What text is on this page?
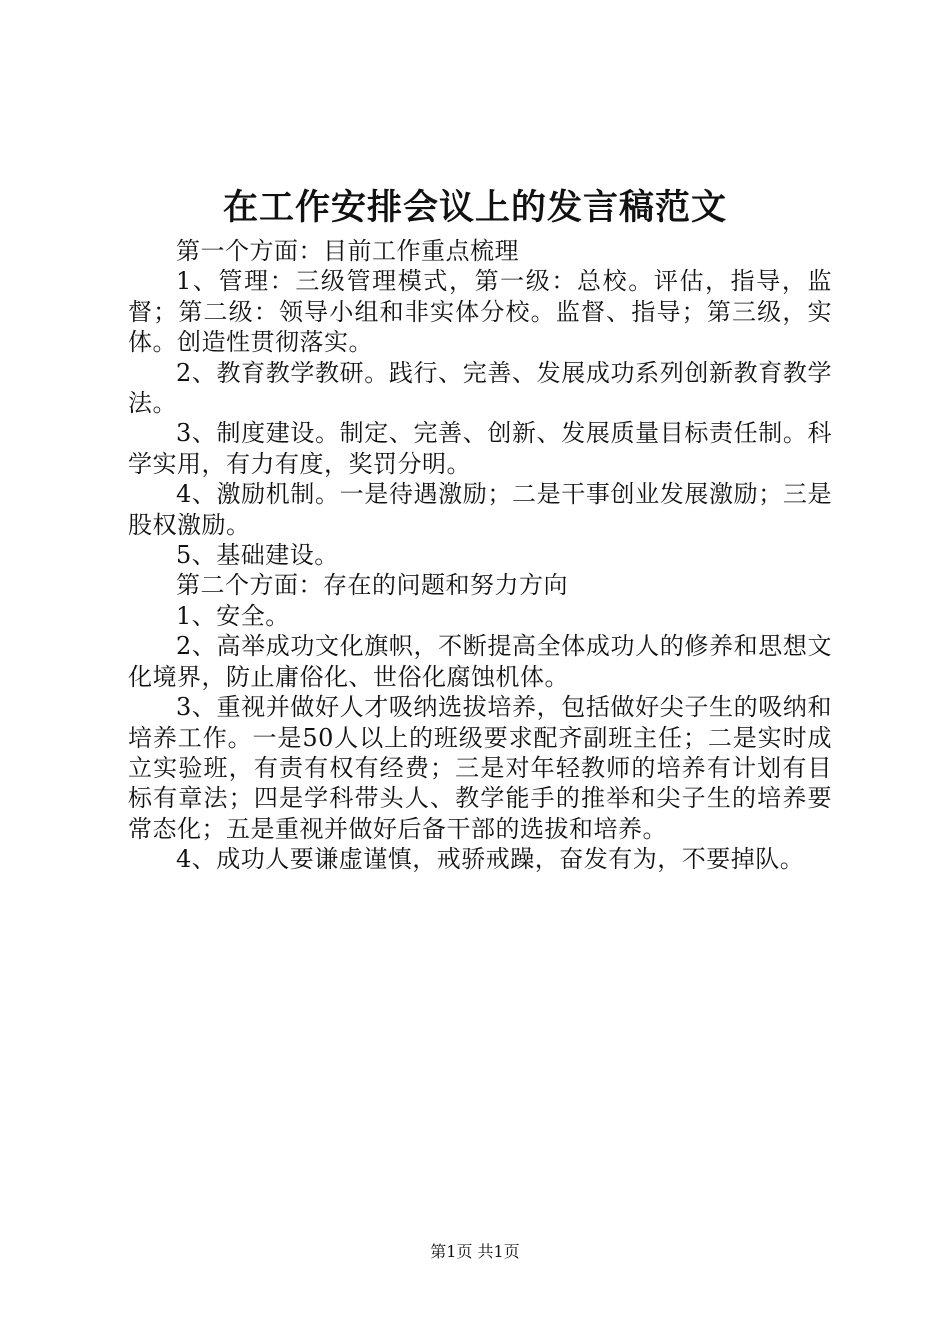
在工作安排会议上的发言稿范文

第一个方面：目前工作重点梳理

1、管理：三级管理模式，第一级：总校。评估，指导，监督；第二级：领导小组和非实体分校。监督、指导；第三级，实体。创造性贯彻落实。

2、教育教学教研。践行、完善、发展成功系列创新教育教学法。

3、制度建设。制定、完善、创新、发展质量目标责任制。科学实用，有力有度，奖罚分明。

4、激励机制。一是待遇激励；二是干事创业发展激励；三是股权激励。

5、基础建设。

第二个方面：存在的问题和努力方向

1、安全。

2、高举成功文化旗帜，不断提高全体成功人的修养和思想文化境界，防止庸俗化、世俗化腐蚀机体。

3、重视并做好人才吸纳选拔培养，包括做好尖子生的吸纳和培养工作。一是50人以上的班级要求配齐副班主任；二是实时成立实验班，有责有权有经费；三是对年轻教师的培养有计划有目标有章法；四是学科带头人、教学能手的推举和尖子生的培养要常态化；五是重视并做好后备干部的选拔和培养。

4、成功人要谦虚谨慎，戒骄戒躁，奋发有为，不要掉队。

第1页 共1页
